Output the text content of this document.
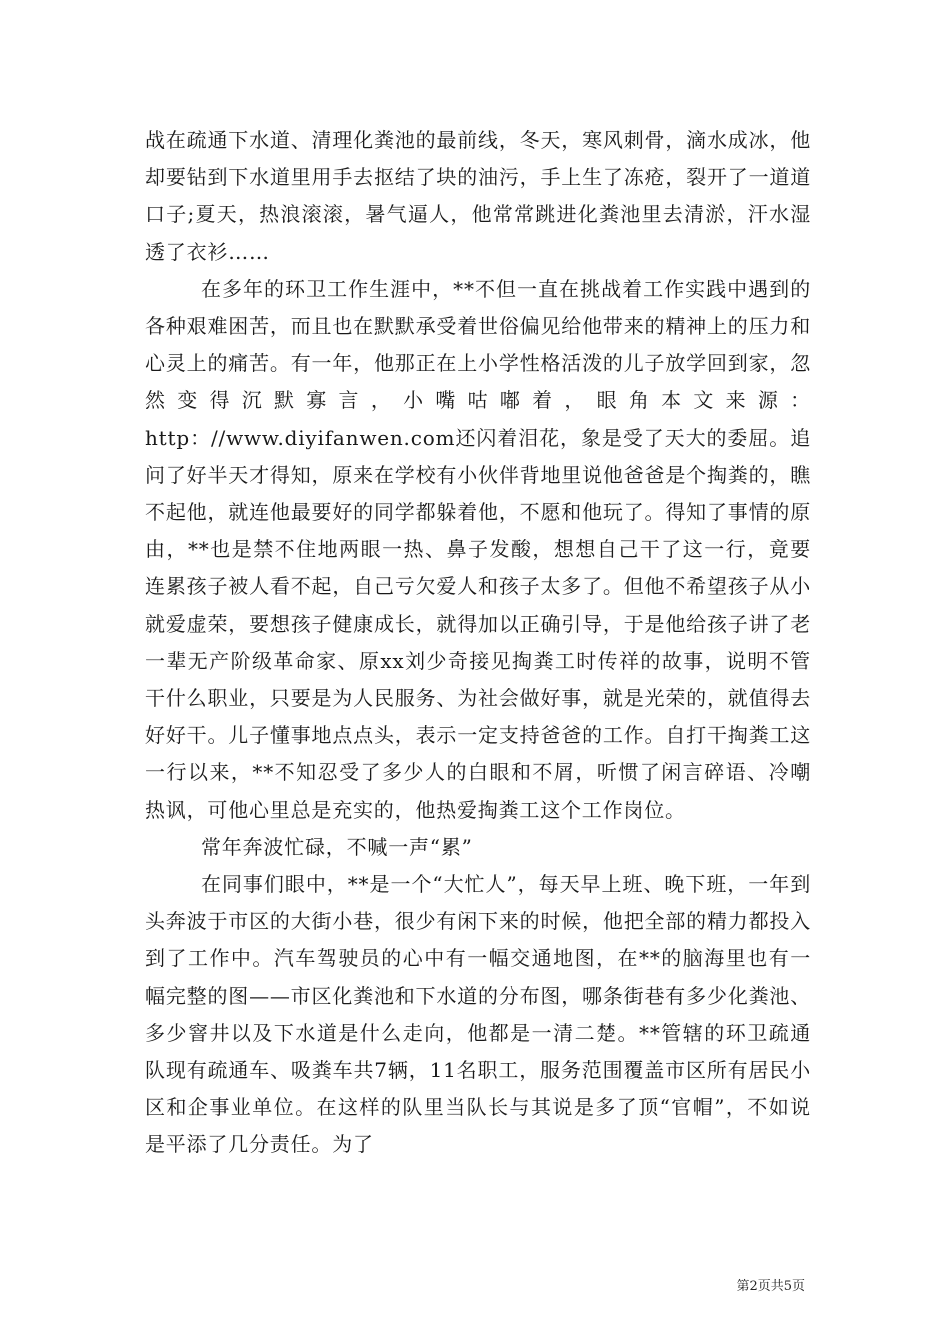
战在疏通下水道、清理化粪池的最前线，冬天，寒风刺骨，滴水成冰，他却要钻到下水道里用手去抠结了块的油污，手上生了冻疮，裂开了一道道口子;夏天，热浪滚滚，暑气逼人，他常常跳进化粪池里去清淤，汗水湿透了衣衫……

在多年的环卫工作生涯中，**不但一直在挑战着工作实践中遇到的各种艰难困苦，而且也在默默承受着世俗偏见给他带来的精神上的压力和心灵上的痛苦。有一年，他那正在上小学性格活泼的儿子放学回到家，忽然变得沉默寡言，小嘴咕嘟着，眼角本文来源：http：//www.diyifanwen.com还闪着泪花，象是受了天大的委屈。追问了好半天才得知，原来在学校有小伙伴背地里说他爸爸是个掏粪的，瞧不起他，就连他最要好的同学都躲着他，不愿和他玩了。得知了事情的原由，**也是禁不住地两眼一热、鼻子发酸，想想自己干了这一行，竟要连累孩子被人看不起，自己亏欠爱人和孩子太多了。但他不希望孩子从小就爱虚荣，要想孩子健康成长，就得加以正确引导，于是他给孩子讲了老一辈无产阶级革命家、原xx刘少奇接见掏粪工时传祥的故事，说明不管干什么职业，只要是为人民服务、为社会做好事，就是光荣的，就值得去好好干。儿子懂事地点点头，表示一定支持爸爸的工作。自打干掏粪工这一行以来，**不知忍受了多少人的白眼和不屑，听惯了闲言碎语、冷嘲热讽，可他心里总是充实的，他热爱掏粪工这个工作岗位。

常年奔波忙碌，不喊一声“累”

在同事们眼中，**是一个“大忙人”，每天早上班、晚下班，一年到头奔波于市区的大街小巷，很少有闲下来的时候，他把全部的精力都投入到了工作中。汽车驾驶员的心中有一幅交通地图，在**的脑海里也有一幅完整的图——市区化粪池和下水道的分布图，哪条街巷有多少化粪池、多少窨井以及下水道是什么走向，他都是一清二楚。**管辖的环卫疏通队现有疏通车、吸粪车共7辆，11名职工，服务范围覆盖市区所有居民小区和企事业单位。在这样的队里当队长与其说是多了顶“官帽”，不如说是平添了几分责任。为了

第2页共5页
